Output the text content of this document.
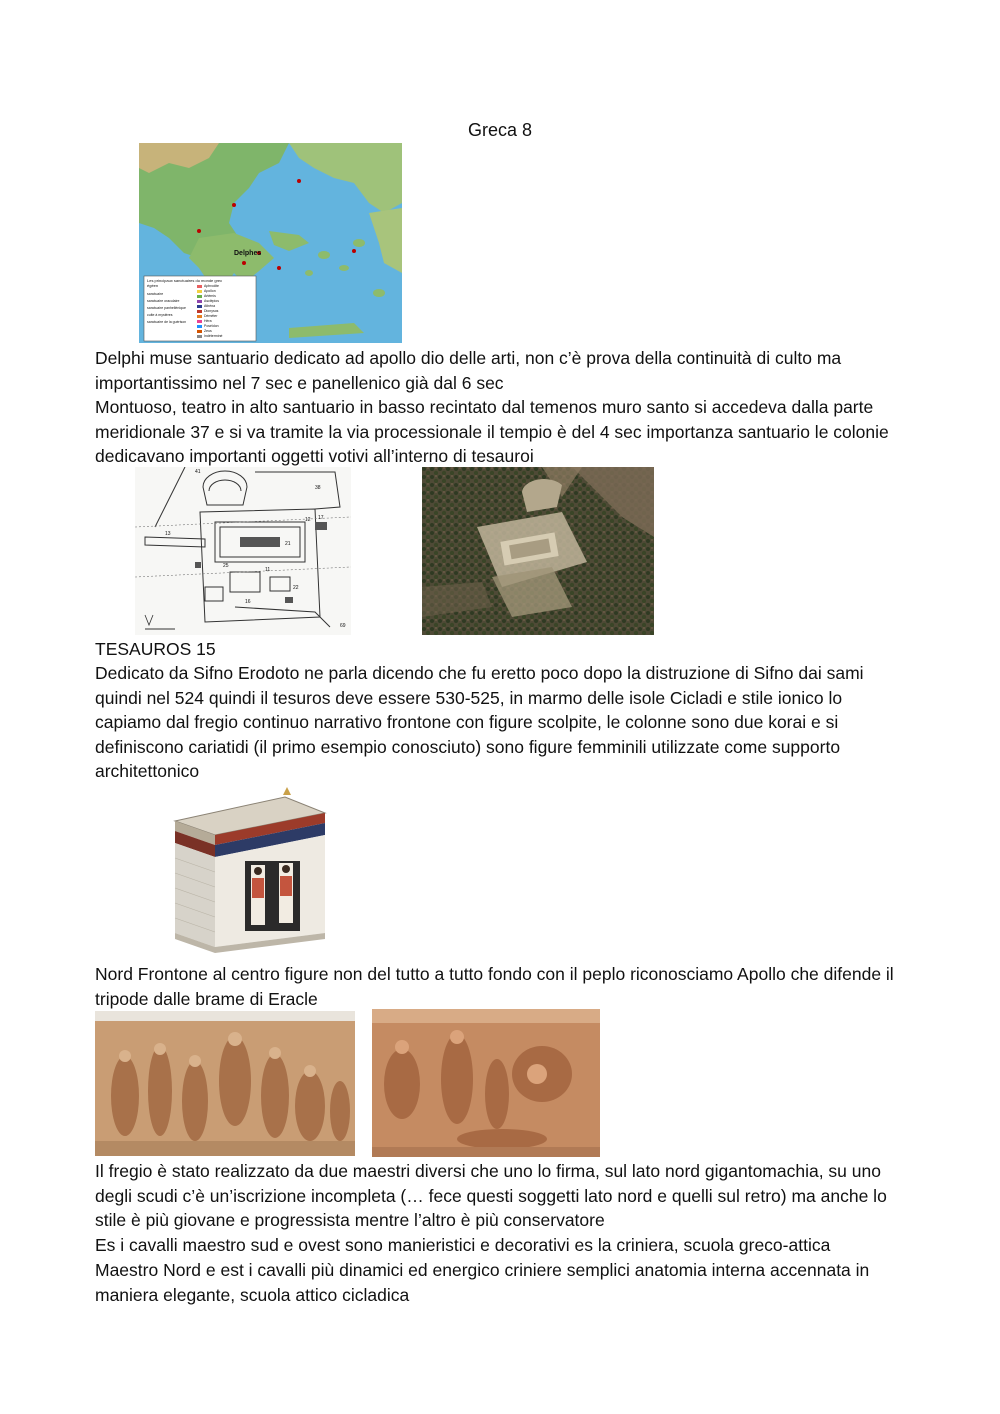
Greca 8
Delphes
Les principaux sanctuaires du monde grec égéen
sanctuaire
sanctuaire oraculaire
sanctuaire panhellénique
culte à mystères
sanctuaire de la guérison
Aphrodite
Apollon
Artémis
Asclépios
Athéna
Dionysos
Déméter
Héra
Poséidon
Zeus
Indéterminé

Delphi muse santuario dedicato ad apollo dio delle arti, non c’è prova della continuità di culto ma importantissimo nel 7 sec e panellenico già dal 6 sec

Montuoso, teatro in alto santuario in basso recintato dal temenos muro santo si accedeva dalla parte meridionale 37 e si va tramite la via processionale il tempio è del 4 sec importanza santuario le colonie dedicavano importanti oggetti votivi all’interno di tesauroi

41
38
12
13
17
21
22
25
11
16
69

TESAUROS 15

Dedicato da Sifno Erodoto ne parla dicendo che fu eretto poco dopo la distruzione di Sifno dai sami quindi nel 524 quindi il tesuros deve essere 530-525, in marmo delle isole Cicladi e stile ionico lo capiamo dal fregio continuo narrativo frontone con figure scolpite, le colonne sono due korai e si definiscono cariatidi (il primo esempio conosciuto) sono figure femminili utilizzate come supporto architettonico

Nord Frontone al centro figure non del tutto a tutto fondo con il peplo riconosciamo Apollo che difende il tripode dalle brame di Eracle

Il fregio è stato realizzato da due maestri diversi che uno lo firma, sul lato nord gigantomachia, su uno degli scudi c’è un’iscrizione incompleta (… fece questi soggetti lato nord e quelli sul retro) ma anche lo stile è più giovane e progressista mentre l’altro è più conservatore

Es i cavalli maestro sud e ovest sono manieristici e decorativi es la criniera, scuola greco-attica

Maestro Nord e est i cavalli più dinamici ed energico criniere semplici anatomia interna accennata in maniera elegante, scuola attico cicladica
